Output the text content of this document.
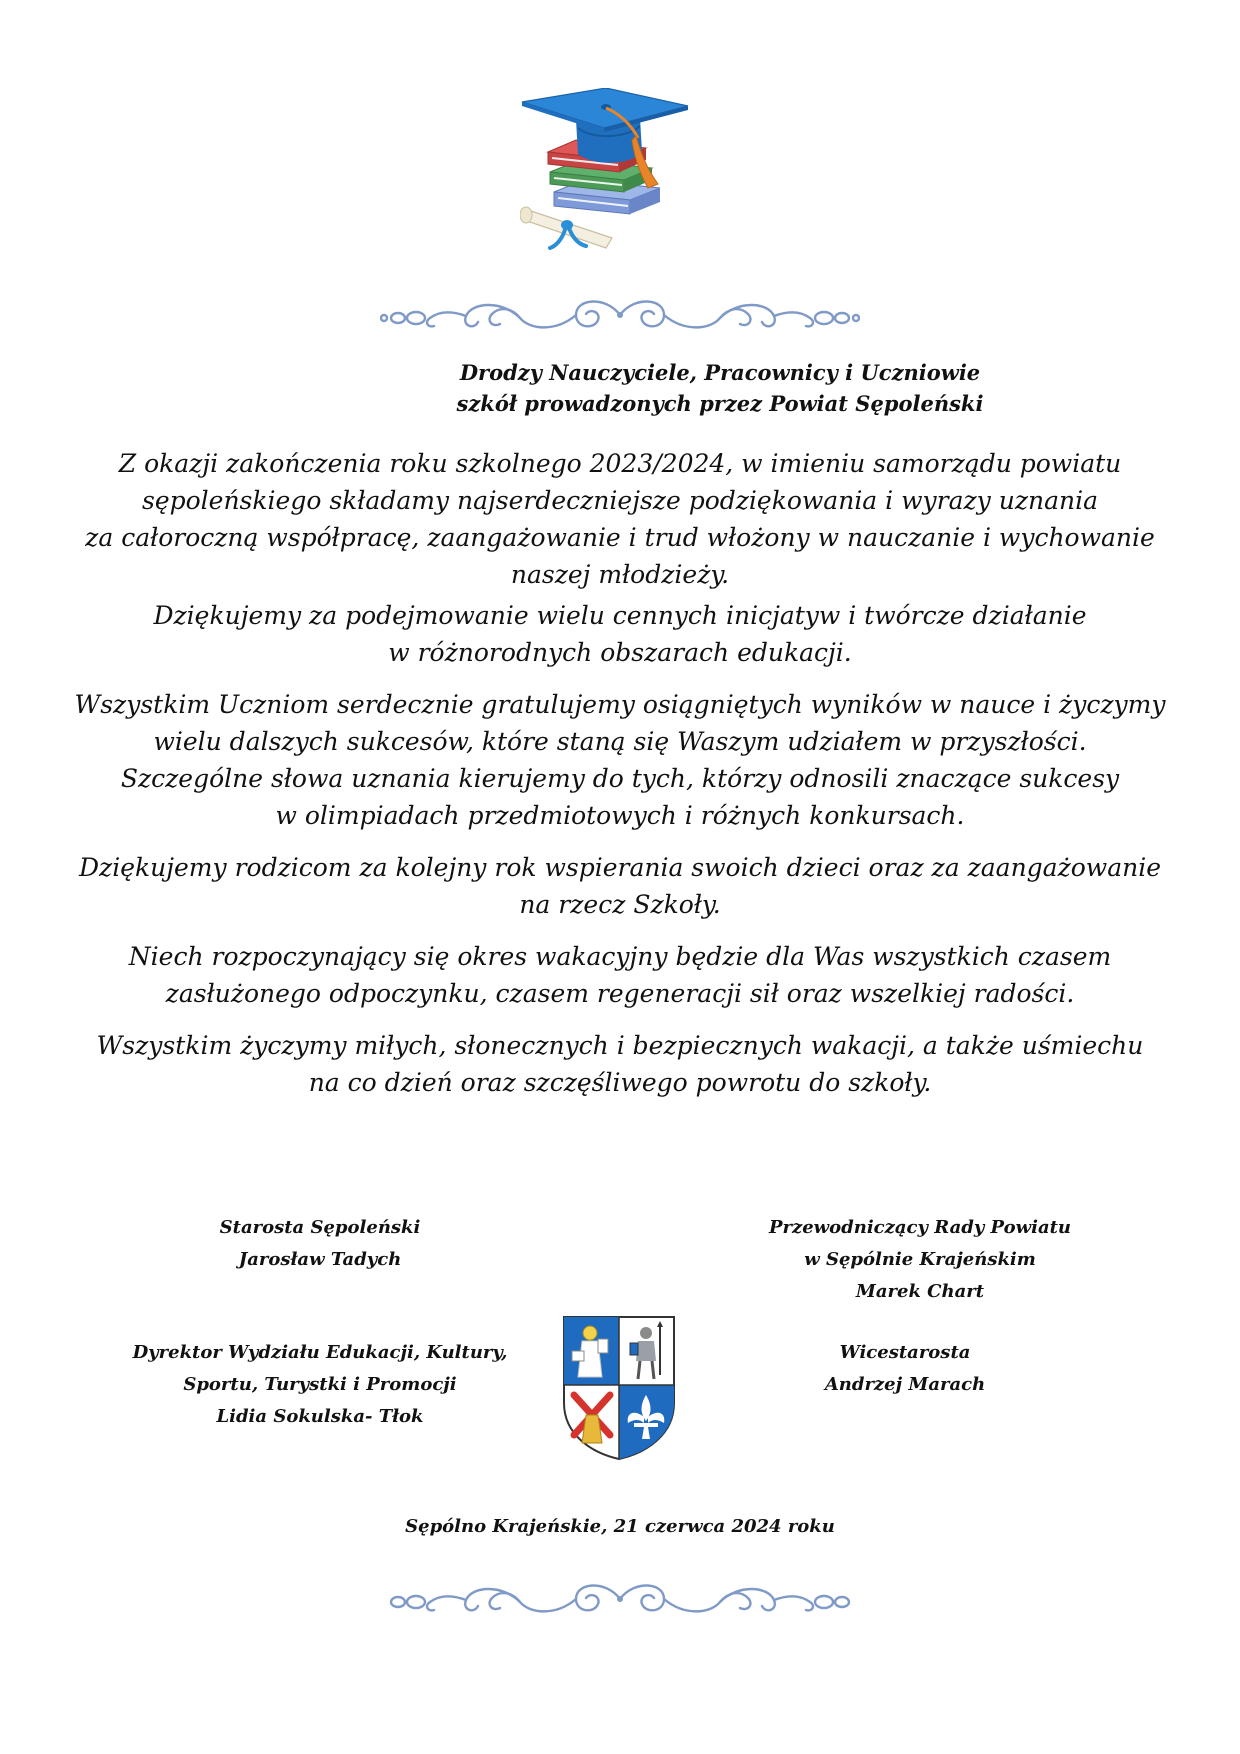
Drodzy Nauczyciele, Pracownicy i Uczniowie
szkół prowadzonych przez Powiat Sępoleński

Z okazji zakończenia roku szkolnego 2023/2024, w imieniu samorządu powiatu
sępoleńskiego składamy najserdeczniejsze podziękowania i wyrazy uznania
za całoroczną współpracę, zaangażowanie i trud włożony w nauczanie i wychowanie
naszej młodzieży.

Dziękujemy za podejmowanie wielu cennych inicjatyw i twórcze działanie
w różnorodnych obszarach edukacji.

Wszystkim Uczniom serdecznie gratulujemy osiągniętych wyników w nauce i życzymy
wielu dalszych sukcesów, które staną się Waszym udziałem w przyszłości.
Szczególne słowa uznania kierujemy do tych, którzy odnosili znaczące sukcesy
w olimpiadach przedmiotowych i różnych konkursach.

Dziękujemy rodzicom za kolejny rok wspierania swoich dzieci oraz za zaangażowanie
na rzecz Szkoły.

Niech rozpoczynający się okres wakacyjny będzie dla Was wszystkich czasem
zasłużonego odpoczynku, czasem regeneracji sił oraz wszelkiej radości.

Wszystkim życzymy miłych, słonecznych i bezpiecznych wakacji, a także uśmiechu
na co dzień oraz szczęśliwego powrotu do szkoły.

Starosta Sępoleński
Jarosław Tadych
Przewodniczący Rady Powiatu
w Sępólnie Krajeńskim
Marek Chart
Dyrektor Wydziału Edukacji, Kultury,
Sportu, Turystki i Promocji
Lidia Sokulska- Tłok
Wicestarosta
Andrzej Marach
Sępólno Krajeńskie, 21 czerwca 2024 roku
